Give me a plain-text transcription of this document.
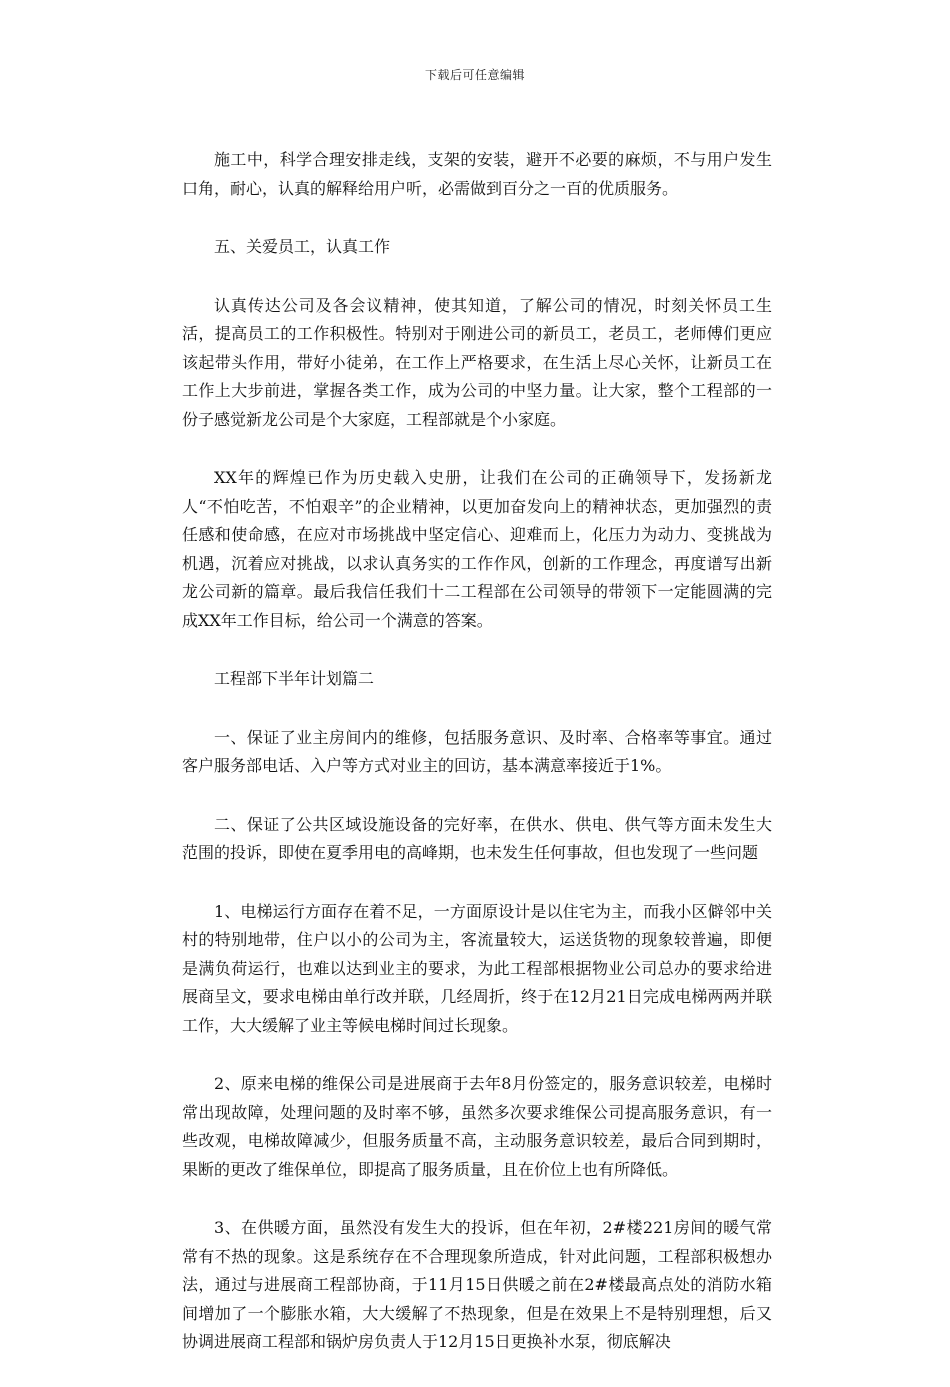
下载后可任意编辑

施工中，科学合理安排走线，支架的安装，避开不必要的麻烦，不与用户发生口角，耐心，认真的解释给用户听，必需做到百分之一百的优质服务。

五、关爱员工，认真工作

认真传达公司及各会议精神，使其知道，了解公司的情况，时刻关怀员工生活，提高员工的工作积极性。特别对于刚进公司的新员工，老员工，老师傅们更应该起带头作用，带好小徒弟，在工作上严格要求，在生活上尽心关怀，让新员工在工作上大步前进，掌握各类工作，成为公司的中坚力量。让大家，整个工程部的一份子感觉新龙公司是个大家庭，工程部就是个小家庭。

XX年的辉煌已作为历史载入史册，让我们在公司的正确领导下，发扬新龙人“不怕吃苦，不怕艰辛”的企业精神，以更加奋发向上的精神状态，更加强烈的责任感和使命感，在应对市场挑战中坚定信心、迎难而上，化压力为动力、变挑战为机遇，沉着应对挑战，以求认真务实的工作作风，创新的工作理念，再度谱写出新龙公司新的篇章。最后我信任我们十二工程部在公司领导的带领下一定能圆满的完成XX年工作目标，给公司一个满意的答案。

工程部下半年计划篇二

一、保证了业主房间内的维修，包括服务意识、及时率、合格率等事宜。通过客户服务部电话、入户等方式对业主的回访，基本满意率接近于1%。

二、保证了公共区域设施设备的完好率，在供水、供电、供气等方面未发生大范围的投诉，即使在夏季用电的高峰期，也未发生任何事故，但也发现了一些问题

1、电梯运行方面存在着不足，一方面原设计是以住宅为主，而我小区僻邻中关村的特别地带，住户以小的公司为主，客流量较大，运送货物的现象较普遍，即便是满负荷运行，也难以达到业主的要求，为此工程部根据物业公司总办的要求给进展商呈文，要求电梯由单行改并联，几经周折，终于在12月21日完成电梯两两并联工作，大大缓解了业主等候电梯时间过长现象。

2、原来电梯的维保公司是进展商于去年8月份签定的，服务意识较差，电梯时常出现故障，处理问题的及时率不够，虽然多次要求维保公司提高服务意识，有一些改观，电梯故障减少，但服务质量不高，主动服务意识较差，最后合同到期时，果断的更改了维保单位，即提高了服务质量，且在价位上也有所降低。

3、在供暖方面，虽然没有发生大的投诉，但在年初，2#楼221房间的暖气常常有不热的现象。这是系统存在不合理现象所造成，针对此问题，工程部积极想办法，通过与进展商工程部协商，于11月15日供暖之前在2#楼最高点处的消防水箱间增加了一个膨胀水箱，大大缓解了不热现象，但是在效果上不是特别理想，后又协调进展商工程部和锅炉房负责人于12月15日更换补水泵，彻底解决
